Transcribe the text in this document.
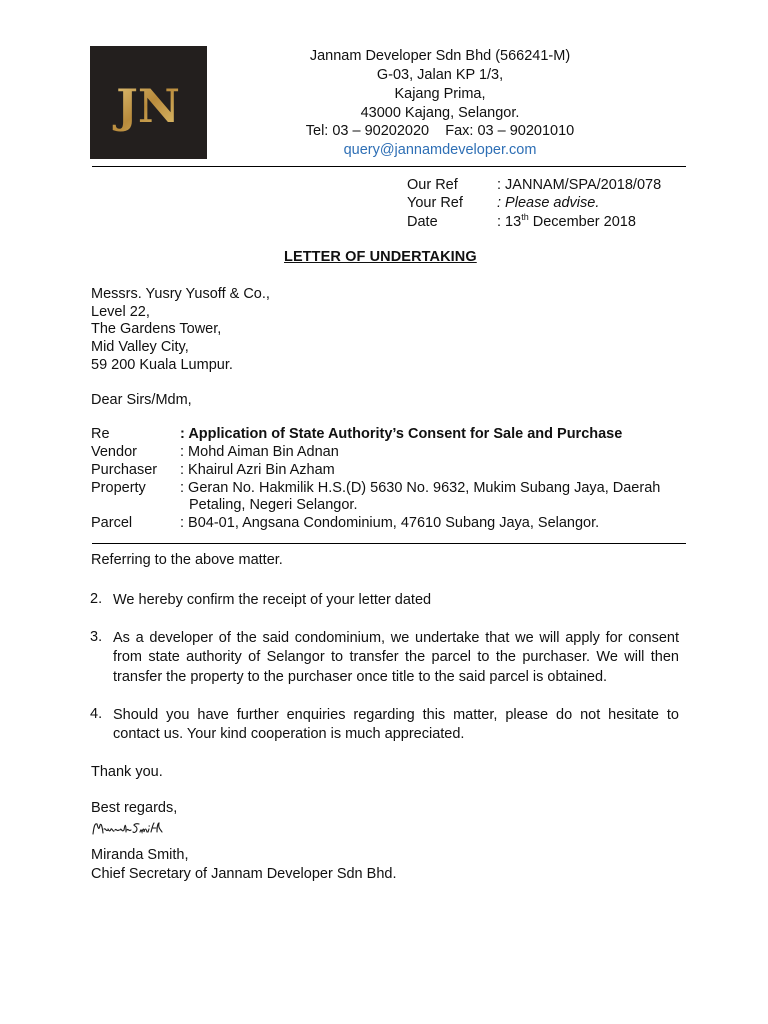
JN
Jannam Developer Sdn Bhd (566241-M)
G-03, Jalan KP 1/3,
Kajang Prima,
43000 Kajang, Selangor.
Tel: 03 – 90202020 Fax: 03 – 90201010
query@jannamdeveloper.com
Our Ref	: JANNAM/SPA/2018/078
Your Ref : Please advise.
Date	: 13th December 2018
LETTER OF UNDERTAKING
Messrs. Yusry Yusoff & Co.,
Level 22,
The Gardens Tower,
Mid Valley City,
59 200 Kuala Lumpur.
Dear Sirs/Mdm,
Re	: Application of State Authority’s Consent for Sale and Purchase
Vendor	: Mohd Aiman Bin Adnan
Purchaser : Khairul Azri Bin Azham
Property : Geran No. Hakmilik H.S.(D) 5630 No. 9632, Mukim Subang Jaya, Daerah
Petaling, Negeri Selangor.
Parcel	: B04-01, Angsana Condominium, 47610 Subang Jaya, Selangor.
Referring to the above matter.
2. We hereby confirm the receipt of your letter dated
3. As a developer of the said condominium, we undertake that we will apply for consent from state authority of Selangor to transfer the parcel to the purchaser. We will then transfer the property to the purchaser once title to the said parcel is obtained.
4. Should you have further enquiries regarding this matter, please do not hesitate to contact us. Your kind cooperation is much appreciated.
Thank you.
Best regards,
Miranda Smith,
Chief Secretary of Jannam Developer Sdn Bhd.
